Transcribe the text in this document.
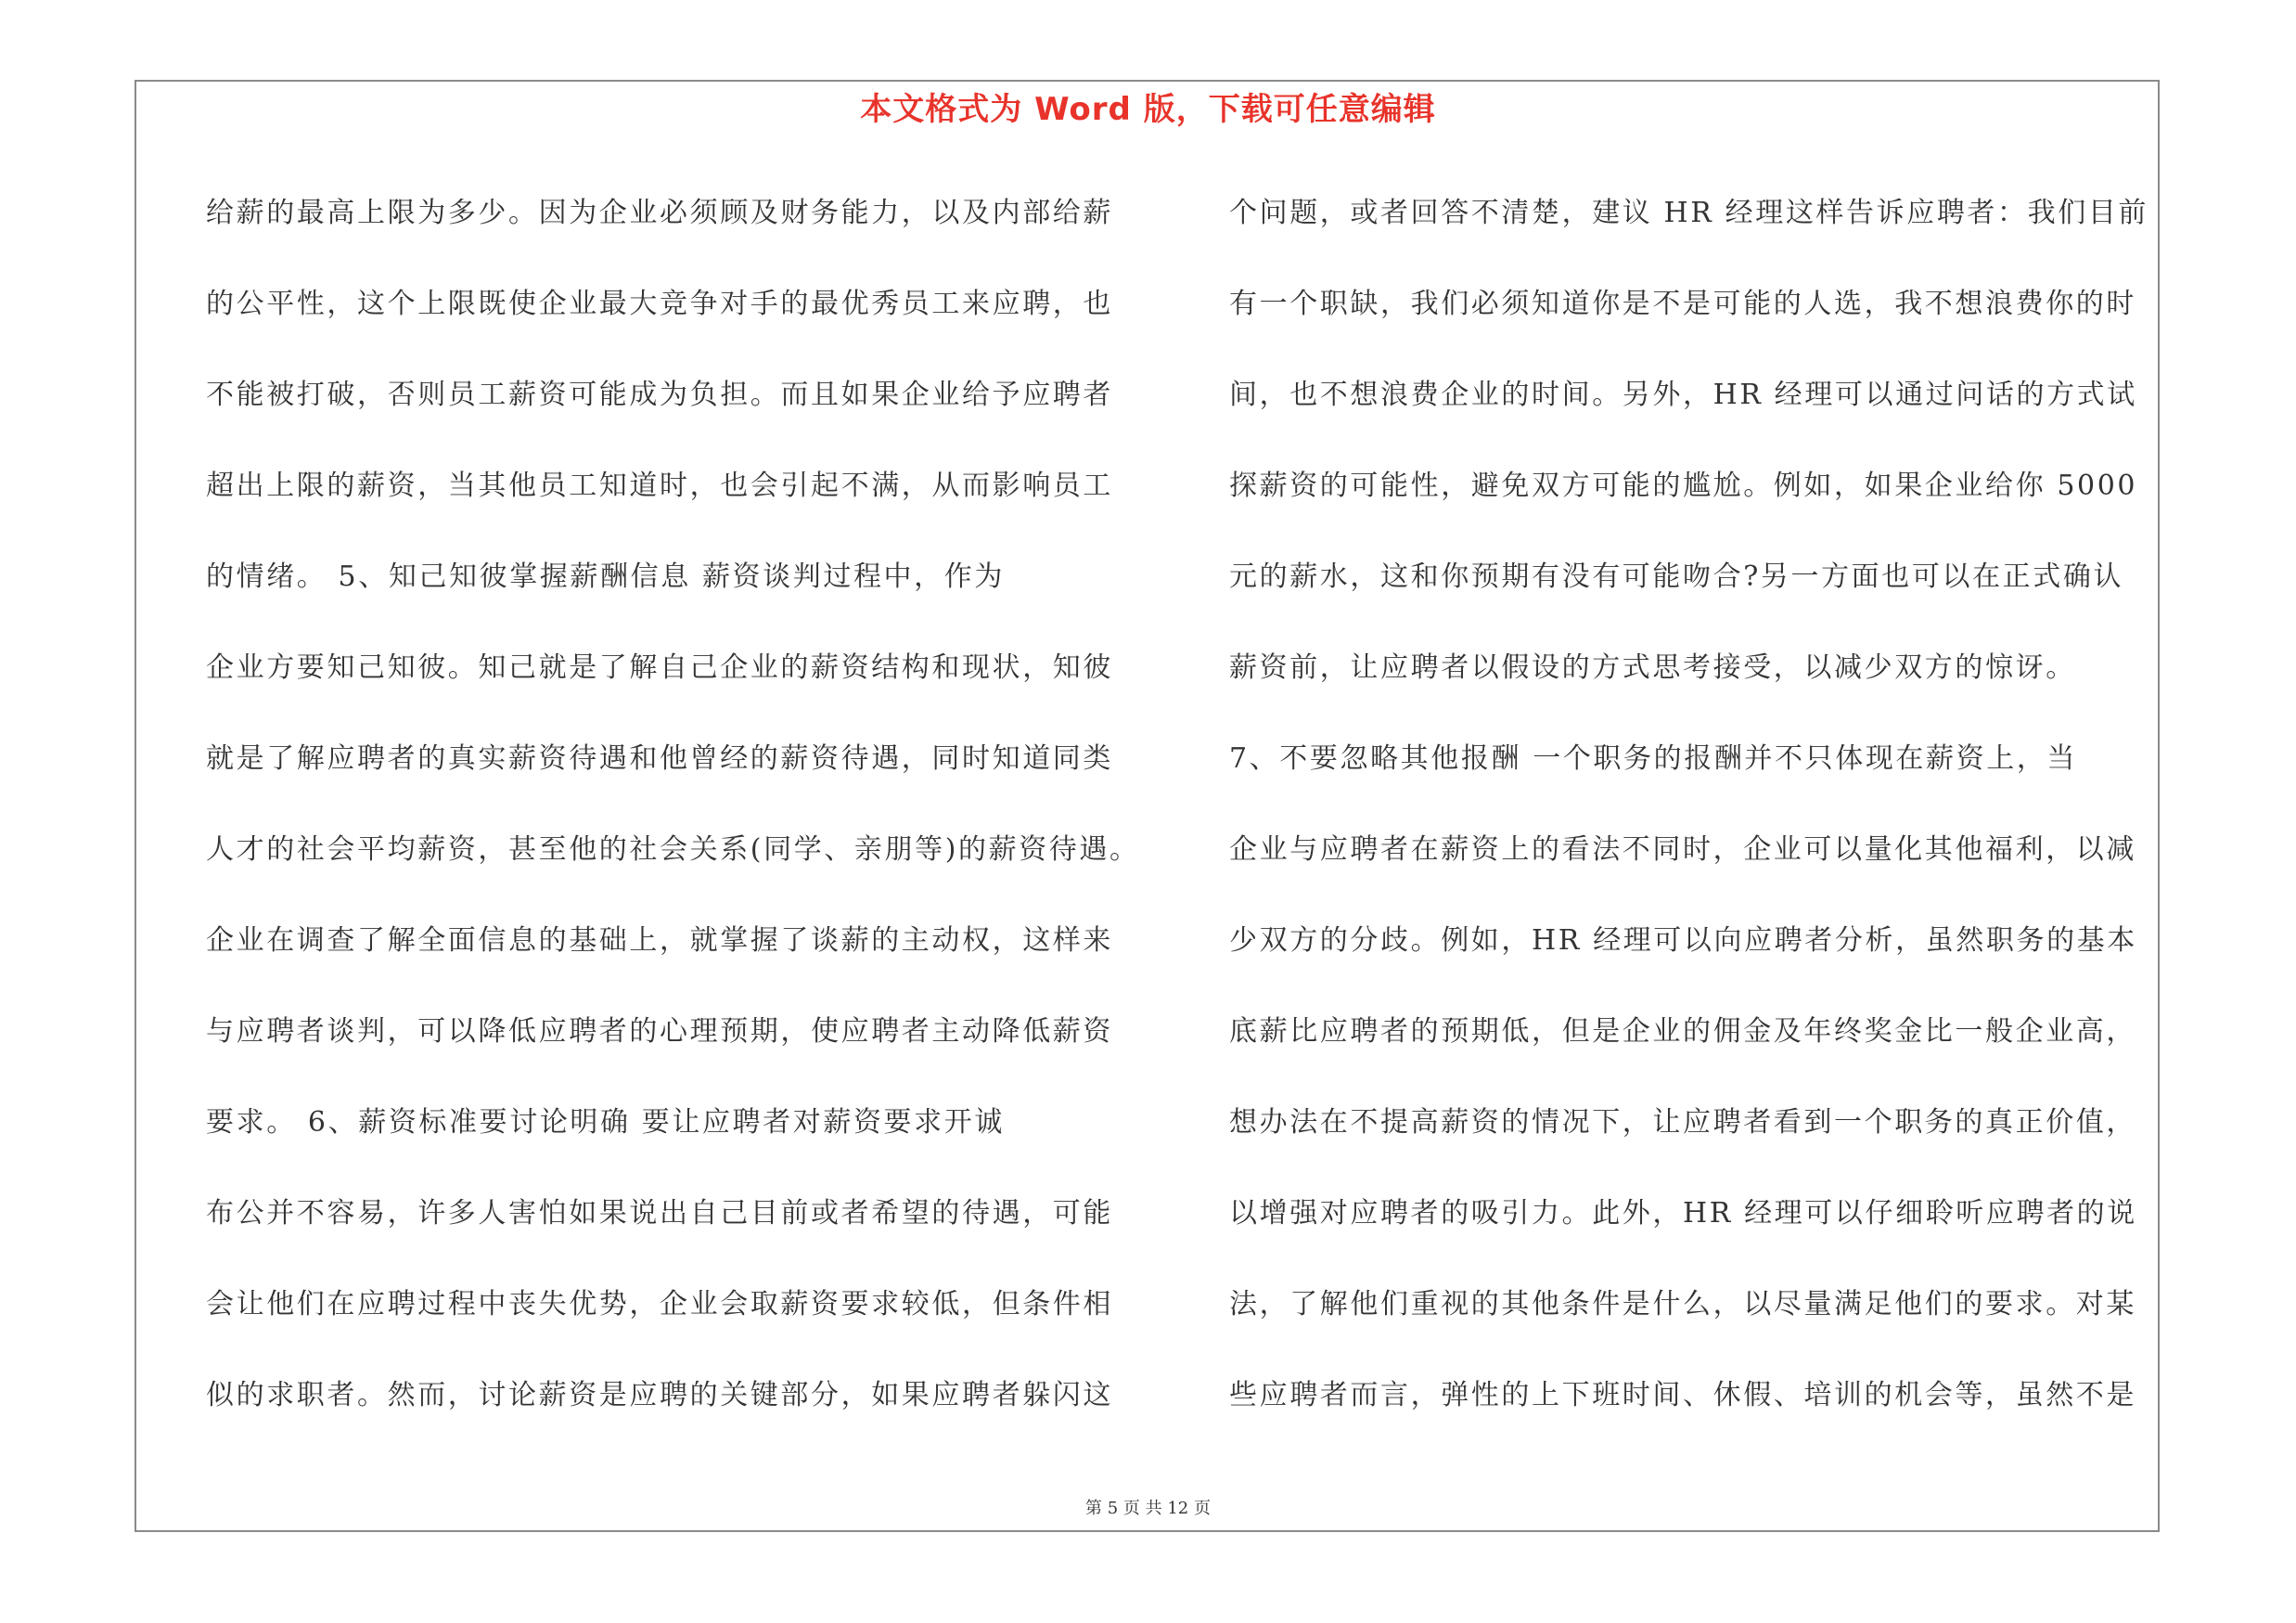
本文格式为 Word 版，下载可任意编辑
给薪的最高上限为多少。因为企业必须顾及财务能力，以及内部给薪
的公平性，这个上限既使企业最大竞争对手的最优秀员工来应聘，也
不能被打破，否则员工薪资可能成为负担。而且如果企业给予应聘者
超出上限的薪资，当其他员工知道时，也会引起不满，从而影响员工
的情绪。 5、知己知彼掌握薪酬信息 薪资谈判过程中，作为
企业方要知己知彼。知己就是了解自己企业的薪资结构和现状，知彼
就是了解应聘者的真实薪资待遇和他曾经的薪资待遇，同时知道同类
人才的社会平均薪资，甚至他的社会关系(同学、亲朋等)的薪资待遇。
企业在调查了解全面信息的基础上，就掌握了谈薪的主动权，这样来
与应聘者谈判，可以降低应聘者的心理预期，使应聘者主动降低薪资
要求。 6、薪资标准要讨论明确 要让应聘者对薪资要求开诚
布公并不容易，许多人害怕如果说出自己目前或者希望的待遇，可能
会让他们在应聘过程中丧失优势，企业会取薪资要求较低，但条件相
似的求职者。然而，讨论薪资是应聘的关键部分，如果应聘者躲闪这
个问题，或者回答不清楚，建议 HR 经理这样告诉应聘者：我们目前
有一个职缺，我们必须知道你是不是可能的人选，我不想浪费你的时
间，也不想浪费企业的时间。另外，HR 经理可以通过问话的方式试
探薪资的可能性，避免双方可能的尴尬。例如，如果企业给你 5000
元的薪水，这和你预期有没有可能吻合?另一方面也可以在正式确认
薪资前，让应聘者以假设的方式思考接受，以减少双方的惊讶。
7、不要忽略其他报酬 一个职务的报酬并不只体现在薪资上，当
企业与应聘者在薪资上的看法不同时，企业可以量化其他福利，以减
少双方的分歧。例如，HR 经理可以向应聘者分析，虽然职务的基本
底薪比应聘者的预期低，但是企业的佣金及年终奖金比一般企业高，
想办法在不提高薪资的情况下，让应聘者看到一个职务的真正价值，
以增强对应聘者的吸引力。此外，HR 经理可以仔细聆听应聘者的说
法，了解他们重视的其他条件是什么，以尽量满足他们的要求。对某
些应聘者而言，弹性的上下班时间、休假、培训的机会等，虽然不是
第 5 页 共 12 页
